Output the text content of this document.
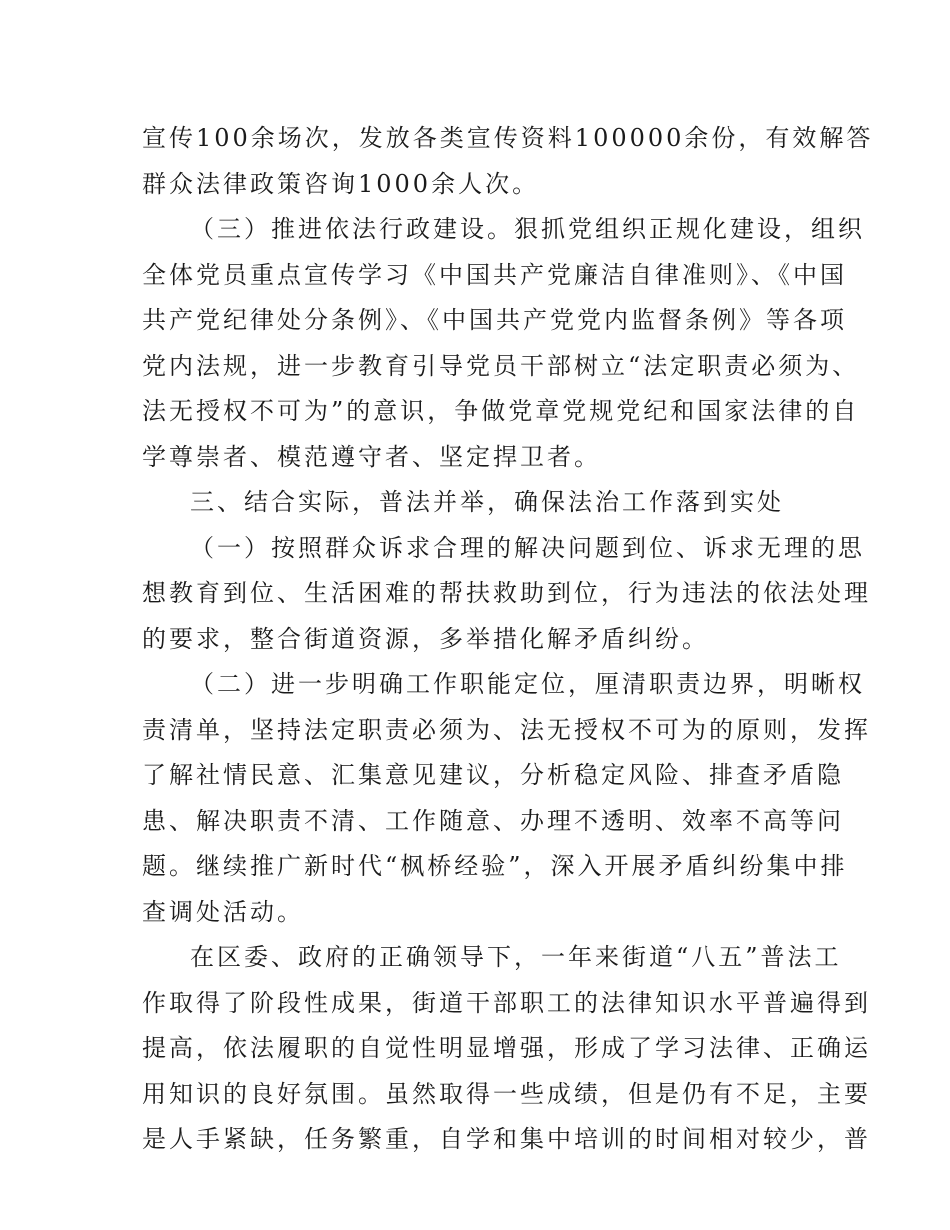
宣传100余场次，发放各类宣传资料100000余份，有效解答
群众法律政策咨询1000余人次。
（三）推进依法行政建设。狠抓党组织正规化建设，组织
全体党员重点宣传学习《中国共产党廉洁自律准则》、《中国
共产党纪律处分条例》、《中国共产党党内监督条例》等各项
党内法规，进一步教育引导党员干部树立“法定职责必须为、
法无授权不可为”的意识，争做党章党规党纪和国家法律的自
学尊崇者、模范遵守者、坚定捍卫者。
三、结合实际，普法并举，确保法治工作落到实处
（一）按照群众诉求合理的解决问题到位、诉求无理的思
想教育到位、生活困难的帮扶救助到位，行为违法的依法处理
的要求，整合街道资源，多举措化解矛盾纠纷。
（二）进一步明确工作职能定位，厘清职责边界，明晰权
责清单，坚持法定职责必须为、法无授权不可为的原则，发挥
了解社情民意、汇集意见建议，分析稳定风险、排查矛盾隐
患、解决职责不清、工作随意、办理不透明、效率不高等问
题。继续推广新时代“枫桥经验”，深入开展矛盾纠纷集中排
查调处活动。
在区委、政府的正确领导下，一年来街道“八五”普法工
作取得了阶段性成果，街道干部职工的法律知识水平普遍得到
提高，依法履职的自觉性明显增强，形成了学习法律、正确运
用知识的良好氛围。虽然取得一些成绩，但是仍有不足，主要
是人手紧缺，任务繁重，自学和集中培训的时间相对较少，普
